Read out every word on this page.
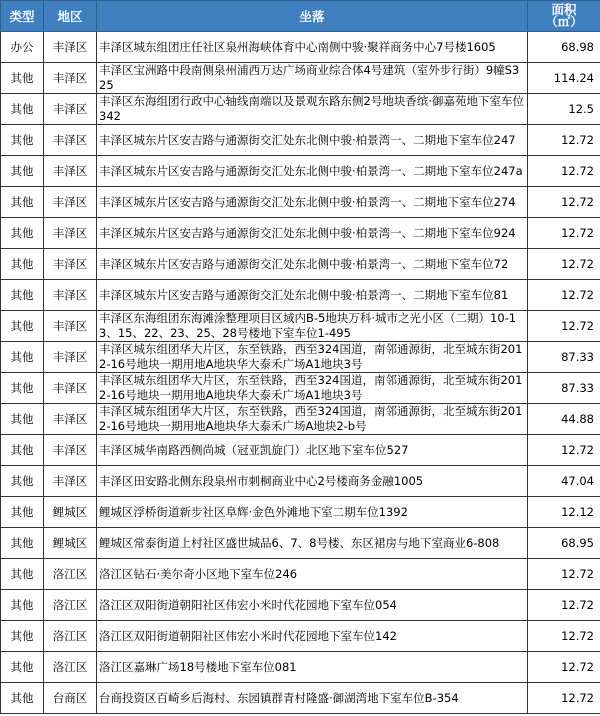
类型	地区	坐落	面积
（㎡）
办公	丰泽区	丰泽区城东组团庄任社区泉州海峡体育中心南侧中骏·聚祥商务中心7号楼1605	68.98
其他	丰泽区	丰泽区宝洲路中段南侧泉州浦西万达广场商业综合体4号建筑（室外步行街）9幢S325	114.24
其他	丰泽区	丰泽区东海组团行政中心轴线南端以及景观东路东侧2号地块香缤·御嘉苑地下室车位342	12.5
其他	丰泽区	丰泽区城东片区安吉路与通源街交汇处东北侧中骏·柏景湾一、二期地下室车位247	12.72
其他	丰泽区	丰泽区城东片区安吉路与通源街交汇处东北侧中骏·柏景湾一、二期地下室车位247a	12.72
其他	丰泽区	丰泽区城东片区安吉路与通源街交汇处东北侧中骏·柏景湾一、二期地下室车位274	12.72
其他	丰泽区	丰泽区城东片区安吉路与通源街交汇处东北侧中骏·柏景湾一、二期地下室车位924	12.72
其他	丰泽区	丰泽区城东片区安吉路与通源街交汇处东北侧中骏·柏景湾一、二期地下室车位72	12.72
其他	丰泽区	丰泽区城东片区安吉路与通源街交汇处东北侧中骏·柏景湾一、二期地下室车位81	12.72
其他	丰泽区	丰泽区东海组团东海滩涂整理项目区域内B-5地块万科·城市之光小区（二期）10-13、15、22、23、25、28号楼地下室车位1-495	12.72
其他	丰泽区	丰泽区城东组团华大片区，东至铁路，西至324国道，南邻通源街，北至城东街2012-16号地块一期用地A地块华大泰禾广场A1地块3号	87.33
其他	丰泽区	丰泽区城东组团华大片区，东至铁路，西至324国道，南邻通源街，北至城东街2012-16号地块一期用地A地块华大泰禾广场A1地块3号	87.33
其他	丰泽区	丰泽区城东组团华大片区，东至铁路，西至324国道，南邻通源街，北至城东街2012-16号地块一期用地A地块华大泰禾广场A地块2-b号	44.88
其他	丰泽区	丰泽区城华南路西侧尚城（冠亚凯旋门）北区地下室车位527	12.72
其他	丰泽区	丰泽区田安路北侧东段泉州市刺桐商业中心2号楼商务金融1005	47.04
其他	鲤城区	鲤城区浮桥街道新步社区阜辉·金色外滩地下室二期车位1392	12.12
其他	鲤城区	鲤城区常泰街道上村社区盛世城品6、7、8号楼、东区裙房与地下室商业6-808	68.95
其他	洛江区	洛江区钻石·美尔奇小区地下室车位246	12.72
其他	洛江区	洛江区双阳街道朝阳社区伟宏小米时代花园地下室车位054	12.72
其他	洛江区	洛江区双阳街道朝阳社区伟宏小米时代花园地下室车位142	12.72
其他	洛江区	洛江区嘉琳广场18号楼地下室车位081	12.72
其他	台商区	台商投资区百崎乡后海村、东园镇群青村隆盛·御湖湾地下室车位B-354	12.72
